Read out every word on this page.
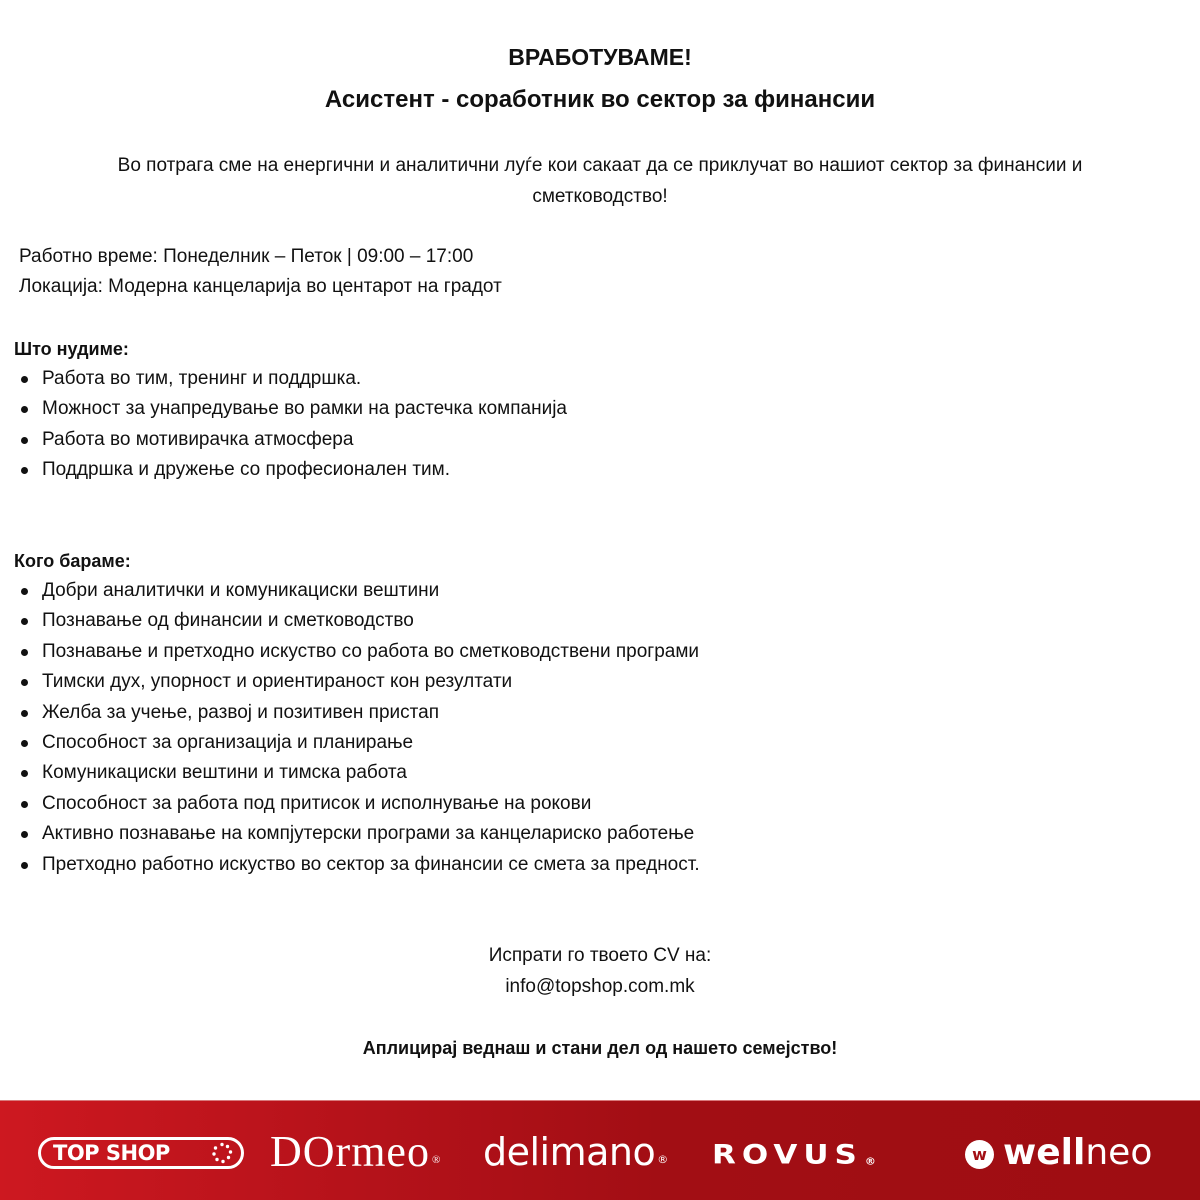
ВРАБОТУВАМЕ!
Асистент - соработник во сектор за финансии

Во потрага сме на енергични и аналитични луѓе кои сакаат да се приклучат во нашиот сектор за финансии и сметководство!

Работно време: Понеделник – Петок | 09:00 – 17:00

Локација: Модерна канцеларија во центарот на градот

Што нудиме:
Работа во тим, тренинг и поддршка.
Можност за унапредување во рамки на растечка компанија
Работа во мотивирачка атмосфера
Поддршка и дружење со професионален тим.
Кого бараме:
Добри аналитички и комуникациски вештини
Познавање од финансии и сметководство
Познавање и претходно искуство со работа во сметководствени програми
Тимски дух, упорност и ориентираност кон резултати
Желба за учење, развој и позитивен пристап
Способност за организација и планирање
Комуникациски вештини и тимска работа
Способност за работа под притисок и исполнување на рокови
Активно познавање на компјутерски програми за канцелариско работење
Претходно работно искуство во сектор за финансии се смета за предност.

Испрати го твоето CV на:

info@topshop.com.mk

Аплицирај веднаш и стани дел од нашето семејство!

TOP SHOP DOrmeo ® delimano ® ROVUS ®	w wellneo
